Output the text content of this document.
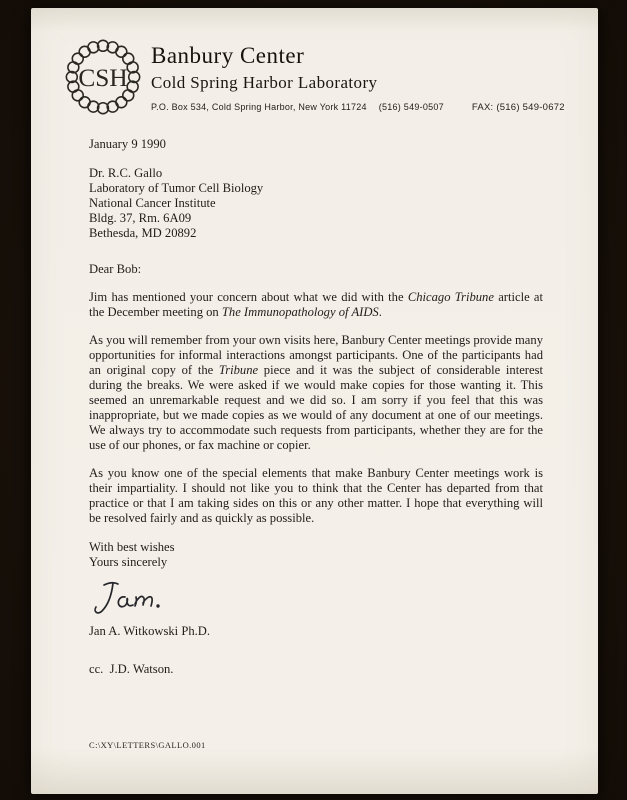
CSH
Banbury Center
Cold Spring Harbor Laboratory
P.O. Box 534, Cold Spring Harbor, New York 11724 (516) 549-0507	FAX: (516) 549-0672
January 9 1990
Dr. R.C. Gallo
Laboratory of Tumor Cell Biology
National Cancer Institute
Bldg. 37, Rm. 6A09
Bethesda, MD 20892
Dear Bob:

Jim has mentioned your concern about what we did with the Chicago Tribune article at the December meeting on The Immunopathology of AIDS.

As you will remember from your own visits here, Banbury Center meetings provide many opportunities for informal interactions amongst participants. One of the participants had an original copy of the Tribune piece and it was the subject of considerable interest during the breaks. We were asked if we would make copies for those wanting it. This seemed an unremarkable request and we did so. I am sorry if you feel that this was inappropriate, but we made copies as we would of any document at one of our meetings. We always try to accommodate such requests from participants, whether they are for the use of our phones, or fax machine or copier.

As you know one of the special elements that make Banbury Center meetings work is their impartiality. I should not like you to think that the Center has departed from that practice or that I am taking sides on this or any other matter. I hope that everything will be resolved fairly and as quickly as possible.

With best wishes
Yours sincerely
Jan A. Witkowski Ph.D.
cc.  J.D. Watson.
C:\XY\LETTERS\GALLO.001
